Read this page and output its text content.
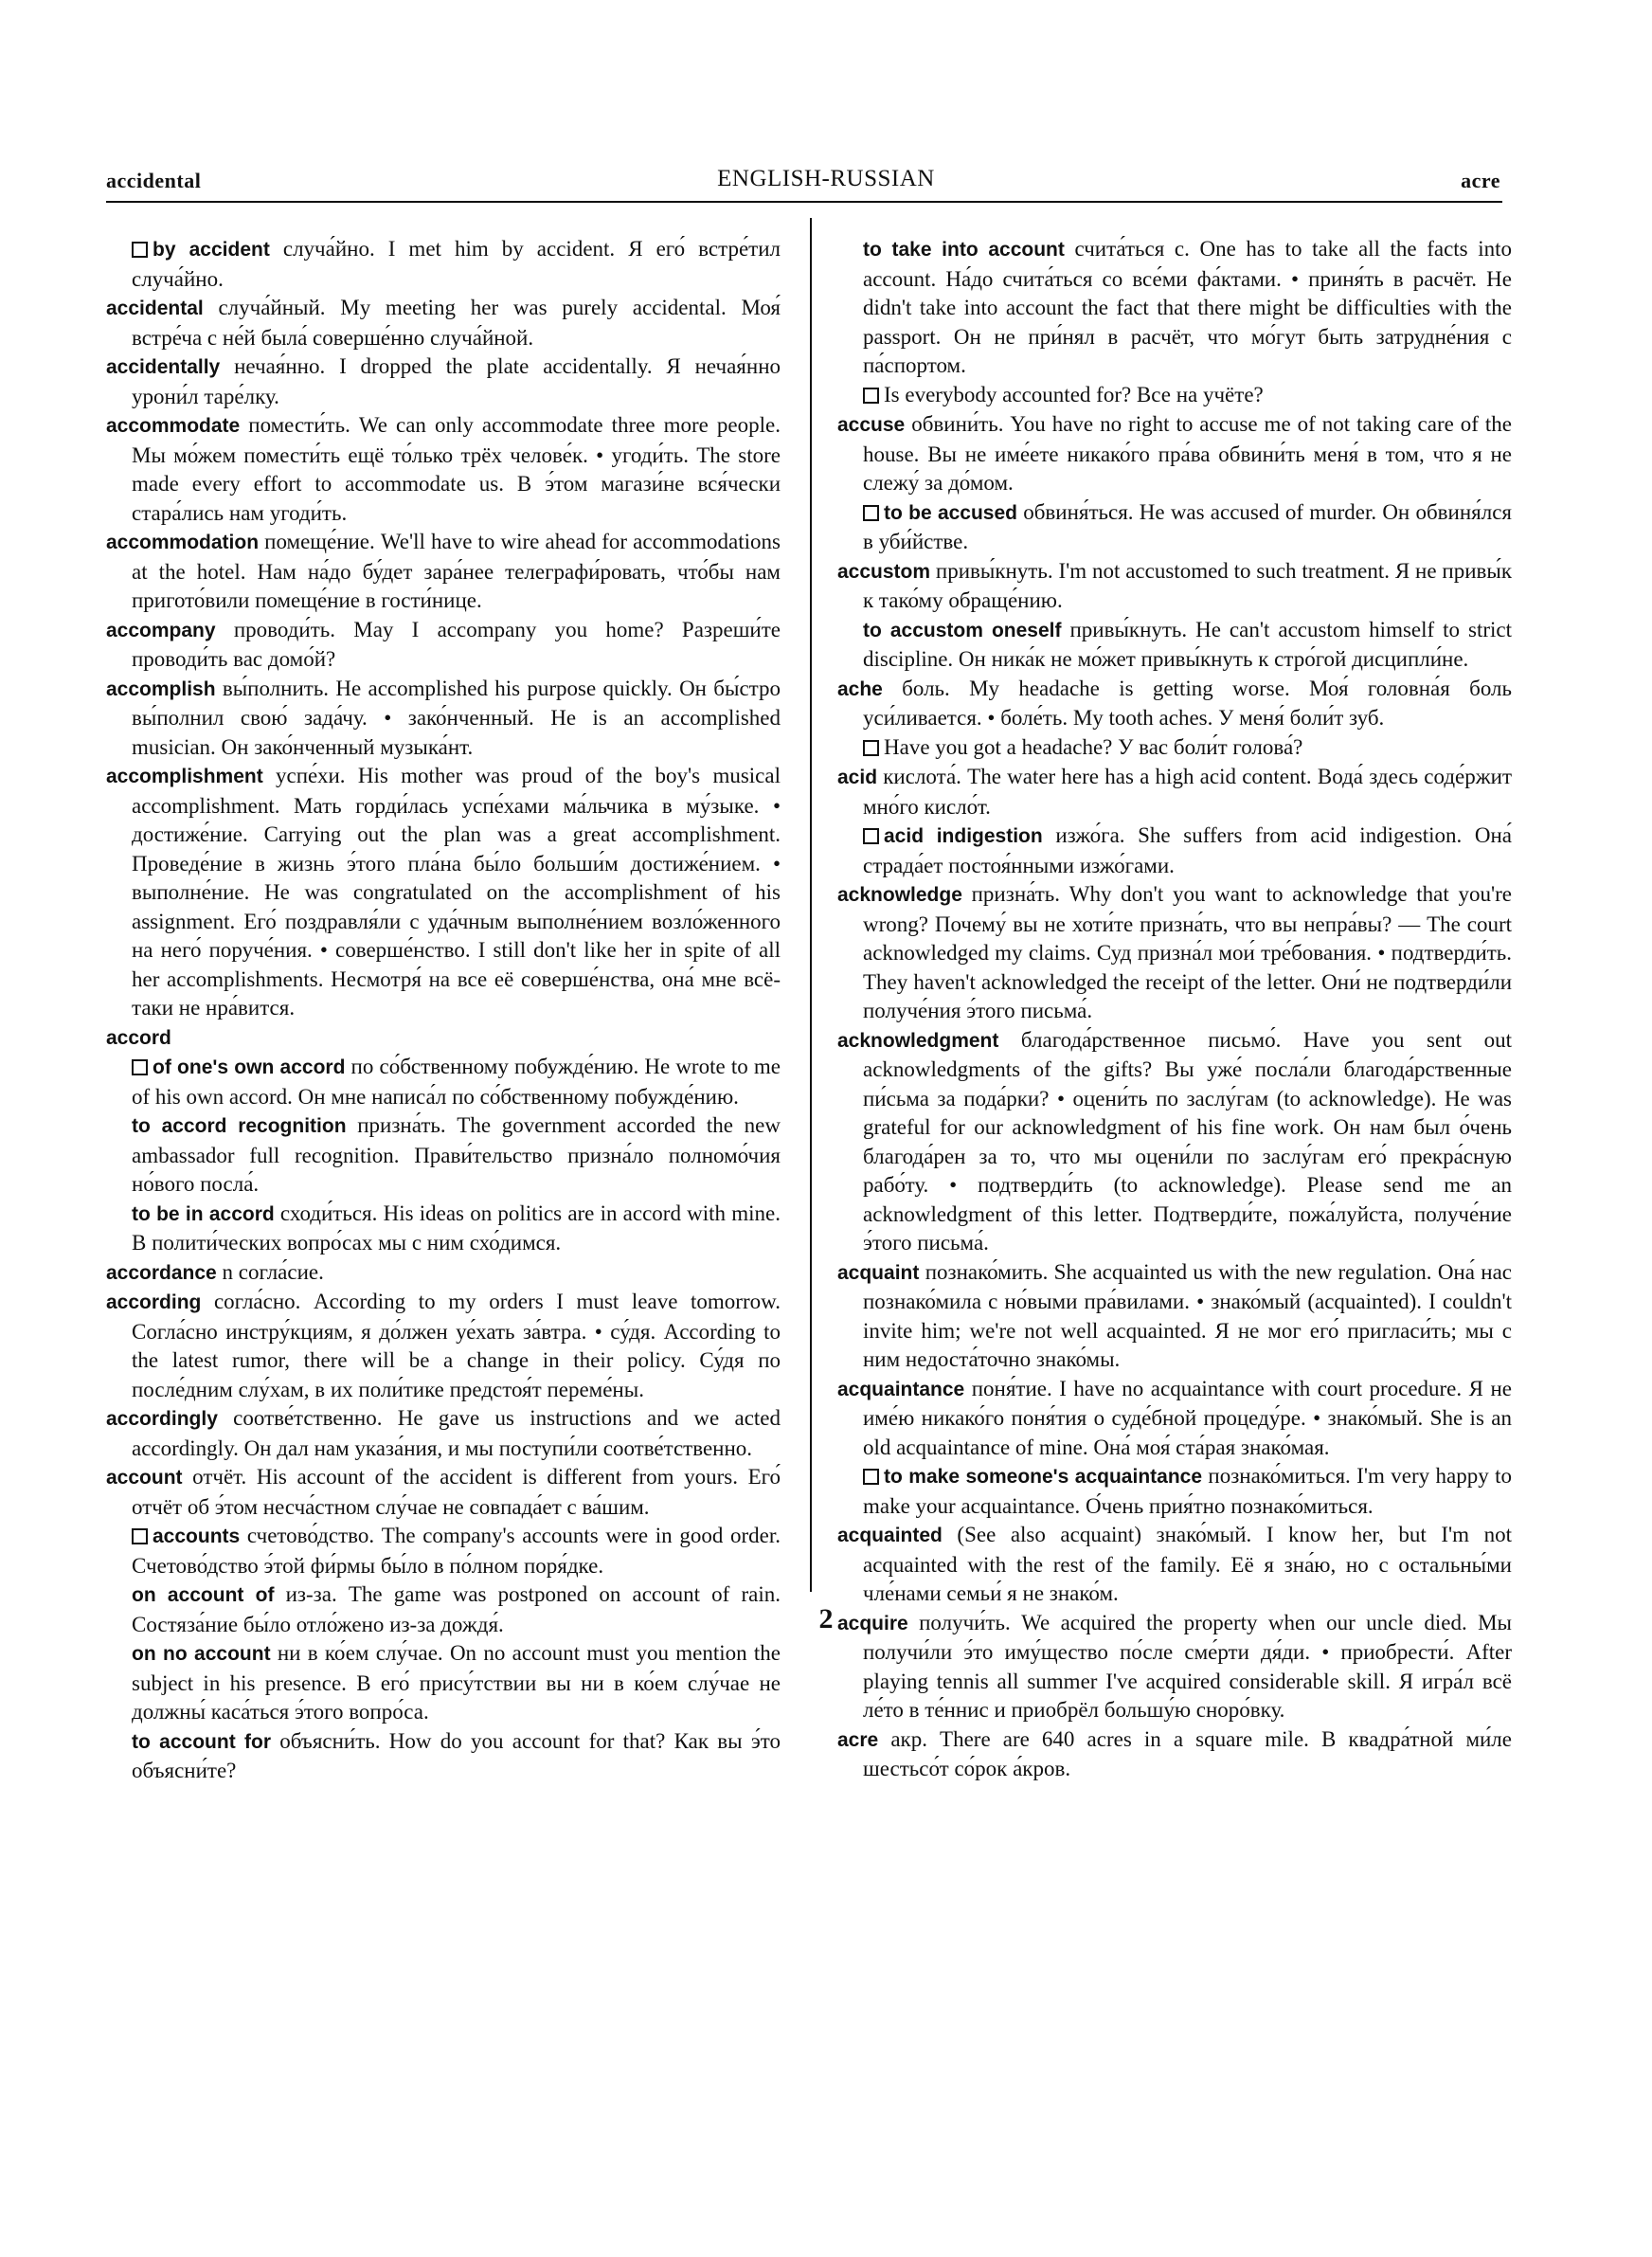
accidental	ENGLISH-RUSSIAN	acre

by accident случа́йно. I met him by accident. Я его́ встре́тил случа́йно.

accidental случа́йный. My meeting her was purely accidental. Моя́ встре́ча с не́й была́ соверше́нно случа́йной.

accidentally нечая́нно. I dropped the plate accidentally. Я нечая́нно урони́л таре́лку.

accommodate помести́ть. We can only accommodate three more people. Мы мо́жем помести́ть ещё то́лько трёх челове́к. • угоди́ть. The store made every effort to accommodate us. В э́том магази́не вся́чески стара́лись нам угоди́ть.

accommodation помеще́ние. We'll have to wire ahead for accommodations at the hotel. Нам на́до бу́дет зара́нее телеграфи́ровать, что́бы нам пригото́вили помеще́ние в гости́нице.

accompany проводи́ть. May I accompany you home? Разреши́те проводи́ть вас домо́й?

accomplish вы́полнить. He accomplished his purpose quickly. Он бы́стро вы́полнил свою́ зада́чу. • зако́нченный. He is an accomplished musician. Он зако́нченный музыка́нт.

accomplishment успе́хи. His mother was proud of the boy's musical accomplishment. Мать горди́лась успе́хами ма́льчика в му́зыке. • достиже́ние. Carrying out the plan was a great accomplishment. Проведе́ние в жизнь э́того пла́на бы́ло больши́м достиже́нием. • выполне́ние. He was congratulated on the accomplishment of his assignment. Его́ поздравля́ли с уда́чным выполне́нием возло́женного на него́ поруче́ния. • соверше́нство. I still don't like her in spite of all her accomplishments. Несмотря́ на все её соверше́нства, она́ мне всё-таки не нра́вится.

accord

of one's own accord по со́бственному побужде́нию. He wrote to me of his own accord. Он мне написа́л по со́бственному побужде́нию.

to accord recognition призна́ть. The government accorded the new ambassador full recognition. Прави́тельство призна́ло полномо́чия но́вого посла́.

to be in accord сходи́ться. His ideas on politics are in accord with mine. В полити́ческих вопро́сах мы с ним схо́димся.

accordance n согла́сие.

according согла́сно. According to my orders I must leave tomorrow. Согла́сно инстру́кциям, я до́лжен уе́хать за́втра. • су́дя. According to the latest rumor, there will be a change in their policy. Су́дя по после́дним слу́хам, в их поли́тике предстоя́т переме́ны.

accordingly соотве́тственно. He gave us instructions and we acted accordingly. Он дал нам указа́ния, и мы поступи́ли соотве́тственно.

account отчёт. His account of the accident is different from yours. Его́ отчёт об э́том несча́стном слу́чае не совпада́ет с ва́шим.

accounts счетово́дство. The company's accounts were in good order. Счетово́дство э́той фи́рмы бы́ло в по́лном поря́дке.

on account of из-за. The game was postponed on account of rain. Состяза́ние бы́ло отло́жено из-за дождя́.

on no account ни в ко́ем слу́чае. On no account must you mention the subject in his presence. В его́ прису́тствии вы ни в ко́ем слу́чае не должны́ каса́ться э́того вопро́са.

to account for объясни́ть. How do you account for that? Как вы э́то объясни́те?

to take into account счита́ться с. One has to take all the facts into account. На́до счита́ться со все́ми фа́ктами. • приня́ть в расчёт. He didn't take into account the fact that there might be difficulties with the passport. Он не при́нял в расчёт, что мо́гут быть затрудне́ния с па́спортом.

Is everybody accounted for? Все на учёте?

accuse обвини́ть. You have no right to accuse me of not taking care of the house. Вы не име́ете никако́го пра́ва обвини́ть меня́ в том, что я не слежу́ за до́мом.

to be accused обвиня́ться. He was accused of murder. Он обвиня́лся в уби́йстве.

accustom привы́кнуть. I'm not accustomed to such treatment. Я не привы́к к тако́му обраще́нию.

to accustom oneself привы́кнуть. He can't accustom himself to strict discipline. Он ника́к не мо́жет привы́кнуть к стро́гой дисципли́не.

ache боль. My headache is getting worse. Моя́ головна́я боль уси́ливается. • боле́ть. My tooth aches. У меня́ боли́т зуб.

Have you got a headache? У вас боли́т голова́?

acid кислота́. The water here has a high acid content. Вода́ здесь соде́ржит мно́го кисло́т.

acid indigestion изжо́га. She suffers from acid indigestion. Она́ страда́ет постоя́нными изжо́гами.

acknowledge призна́ть. Why don't you want to acknowledge that you're wrong? Почему́ вы не хоти́те призна́ть, что вы непра́вы? — The court acknowledged my claims. Суд призна́л мои́ тре́бования. • подтверди́ть. They haven't acknowledged the receipt of the letter. Они́ не подтверди́ли получе́ния э́того письма́.

acknowledgment благода́рственное письмо́. Have you sent out acknowledgments of the gifts? Вы уже́ посла́ли благода́рственные пи́сьма за пода́рки? • оцени́ть по заслу́гам (to acknowledge). He was grateful for our acknowledgment of his fine work. Он нам был о́чень благода́рен за то, что мы оцени́ли по заслу́гам его́ прекра́сную рабо́ту. • подтверди́ть (to acknowledge). Please send me an acknowledgment of this letter. Подтверди́те, пожа́луйста, получе́ние э́того письма́.

acquaint познако́мить. She acquainted us with the new regulation. Она́ нас познако́мила с но́выми пра́вилами. • знако́мый (acquainted). I couldn't invite him; we're not well acquainted. Я не мог его́ пригласи́ть; мы с ним недоста́точно знако́мы.

acquaintance поня́тие. I have no acquaintance with court procedure. Я не име́ю никако́го поня́тия о суде́бной процеду́ре. • знако́мый. She is an old acquaintance of mine. Она́ моя́ ста́рая знако́мая.

to make someone's acquaintance познако́миться. I'm very happy to make your acquaintance. О́чень прия́тно познако́миться.

acquainted (See also acquaint) знако́мый. I know her, but I'm not acquainted with the rest of the family. Её я зна́ю, но с остальны́ми чле́нами семьи́ я не знако́м.

acquire получи́ть. We acquired the property when our uncle died. Мы получи́ли э́то иму́щество по́сле сме́рти дя́ди. • приобрести́. After playing tennis all summer I've acquired considerable skill. Я игра́л всё ле́то в те́ннис и приобрёл большу́ю сноро́вку.

acre акр. There are 640 acres in a square mile. В квадра́тной ми́ле шестьсо́т со́рок а́кров.

2
